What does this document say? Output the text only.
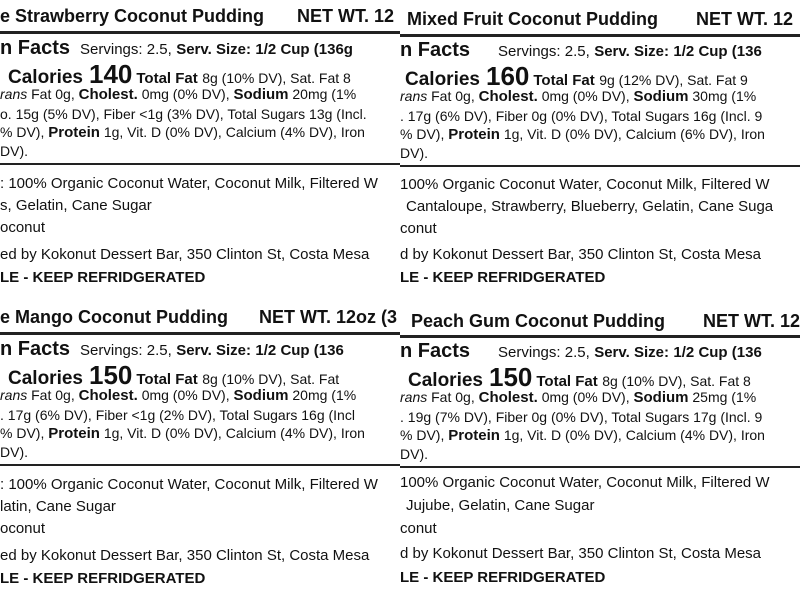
e Strawberry Coconut Pudding NET WT. 12
n Facts Servings: 2.5, Serv. Size: 1/2 Cup (136g
Calories 140 Total Fat 8g (10% DV), Sat. Fat 8
rans Fat 0g, Cholest. 0mg (0% DV), Sodium 20mg (1%
o. 15g (5% DV), Fiber <1g (3% DV), Total Sugars 13g (Incl.
% DV), Protein 1g, Vit. D (0% DV), Calcium (4% DV), Iron
DV).
: 100% Organic Coconut Water, Coconut Milk, Filtered W
s, Gelatin, Cane Sugar
oconut
ed by Kokonut Dessert Bar, 350 Clinton St, Costa Mesa
LE - KEEP REFRIDGERATED
Mixed Fruit Coconut Pudding NET WT. 12
n Facts Servings: 2.5, Serv. Size: 1/2 Cup (136
Calories 160 Total Fat 9g (12% DV), Sat. Fat 9
rans Fat 0g, Cholest. 0mg (0% DV), Sodium 30mg (1%
. 17g (6% DV), Fiber 0g (0% DV), Total Sugars 16g (Incl. 9
% DV), Protein 1g, Vit. D (0% DV), Calcium (6% DV), Iron
DV).
100% Organic Coconut Water, Coconut Milk, Filtered W
Cantaloupe, Strawberry, Blueberry, Gelatin, Cane Suga
conut
d by Kokonut Dessert Bar, 350 Clinton St, Costa Mesa
LE - KEEP REFRIDGERATED
e Mango Coconut Pudding NET WT. 12oz (3
n Facts Servings: 2.5, Serv. Size: 1/2 Cup (136
Calories 150 Total Fat 8g (10% DV), Sat. Fat
rans Fat 0g, Cholest. 0mg (0% DV), Sodium 20mg (1%
. 17g (6% DV), Fiber <1g (2% DV), Total Sugars 16g (Incl
% DV), Protein 1g, Vit. D (0% DV), Calcium (4% DV), Iron
DV).
: 100% Organic Coconut Water, Coconut Milk, Filtered W
latin, Cane Sugar
oconut
ed by Kokonut Dessert Bar, 350 Clinton St, Costa Mesa
LE - KEEP REFRIDGERATED
Peach Gum Coconut Pudding NET WT. 12
n Facts Servings: 2.5, Serv. Size: 1/2 Cup (136
Calories 150 Total Fat 8g (10% DV), Sat. Fat 8
rans Fat 0g, Cholest. 0mg (0% DV), Sodium 25mg (1%
. 19g (7% DV), Fiber 0g (0% DV), Total Sugars 17g (Incl. 9
% DV), Protein 1g, Vit. D (0% DV), Calcium (4% DV), Iron
DV).
100% Organic Coconut Water, Coconut Milk, Filtered W
Jujube, Gelatin, Cane Sugar
conut
d by Kokonut Dessert Bar, 350 Clinton St, Costa Mesa
LE - KEEP REFRIDGERATED
